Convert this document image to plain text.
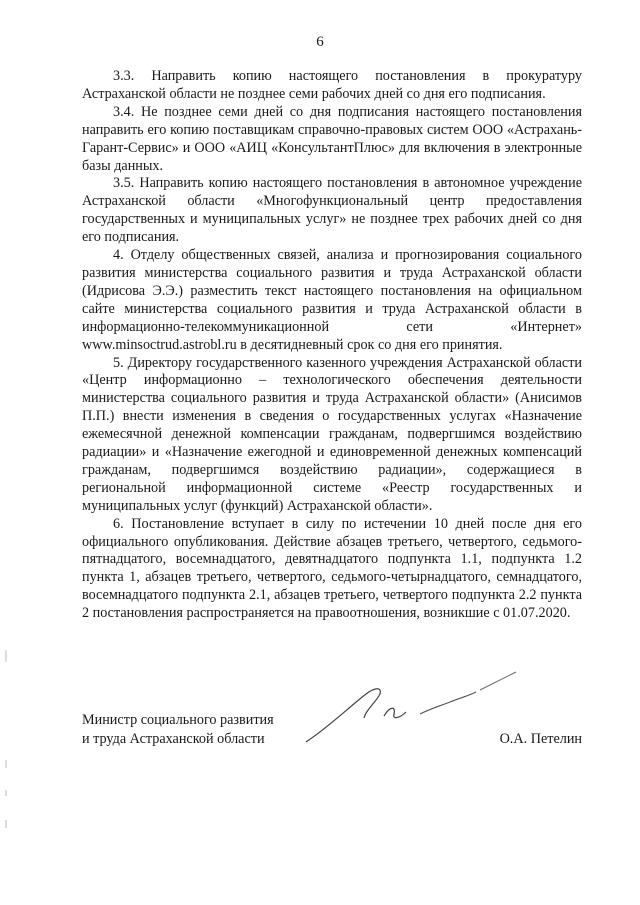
6

3.3. Направить копию настоящего постановления в прокуратуру Астраханской области не позднее семи рабочих дней со дня его подписания.

3.4. Не позднее семи дней со дня подписания настоящего постановления направить его копию поставщикам справочно-правовых систем ООО «Астрахань-Гарант-Сервис» и ООО «АИЦ «КонсультантПлюс» для включения в электронные базы данных.

3.5. Направить копию настоящего постановления в автономное учреждение Астраханской области «Многофункциональный центр предоставления государственных и муниципальных услуг» не позднее трех рабочих дней со дня его подписания.

4. Отделу общественных связей, анализа и прогнозирования социального развития министерства социального развития и труда Астраханской области (Идрисова Э.Э.) разместить текст настоящего постановления на официальном сайте министерства социального развития и труда Астраханской области в информационно-телекоммуникационной сети «Интернет» www.minsoctrud.astrobl.ru в десятидневный срок со дня его принятия.

5. Директору государственного казенного учреждения Астраханской области «Центр информационно – технологического обеспечения деятельности министерства социального развития и труда Астраханской области» (Анисимов П.П.) внести изменения в сведения о государственных услугах «Назначение ежемесячной денежной компенсации гражданам, подвергшимся воздействию радиации» и «Назначение ежегодной и единовременной денежных компенсаций гражданам, подвергшимся воздействию радиации», содержащиеся в региональной информационной системе «Реестр государственных и муниципальных услуг (функций) Астраханской области».

6. Постановление вступает в силу по истечении 10 дней после дня его официального опубликования. Действие абзацев третьего, четвертого, седьмого-пятнадцатого, восемнадцатого, девятнадцатого подпункта 1.1, подпункта 1.2 пункта 1, абзацев третьего, четвертого, седьмого-четырнадцатого, семнадцатого, восемнадцатого подпункта 2.1, абзацев третьего, четвертого подпункта 2.2 пункта 2 постановления распространяется на правоотношения, возникшие с 01.07.2020.

Министр социального развития
и труда Астраханской области	О.А. Петелин
